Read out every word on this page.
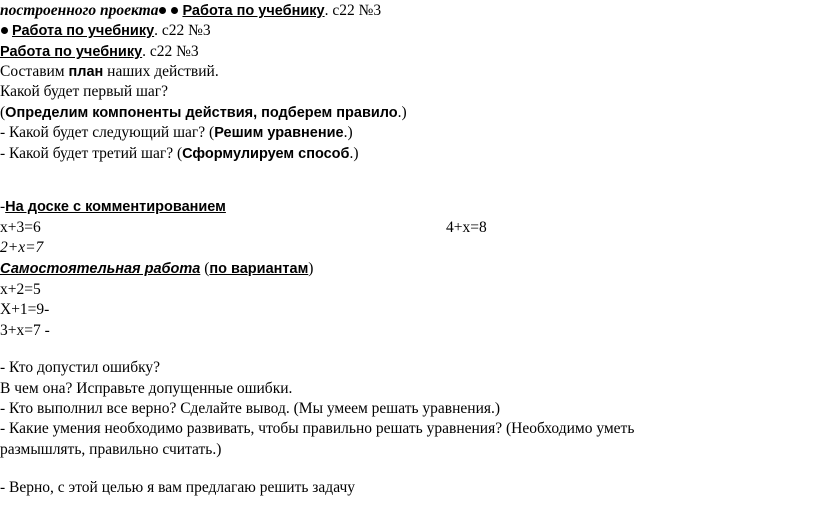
построенного проекта Работа по учебнику. с22 №3
Работа по учебнику. с22 №3
Работа по учебнику. с22 №3
Составим план наших действий.
Какой будет первый шаг?
(Определим компоненты действия, подберем правило.)
- Какой будет следующий шаг? (Решим уравнение.)
- Какой будет третий шаг? (Сформулируем способ.)
-На доске с комментированием
x+3=6	4+x=8
2+x=7
Самостоятельная работа (по вариантам)
x+2=5
X+1=9-
3+x=7 -
- Кто допустил ошибку?
В чем она? Исправьте допущенные ошибки.
- Кто выполнил все верно? Сделайте вывод. (Мы умеем решать уравнения.)
- Какие умения необходимо развивать, чтобы правильно решать уравнения? (Необходимо уметь
размышлять, правильно считать.)
- Верно, с этой целью я вам предлагаю решить задачу
